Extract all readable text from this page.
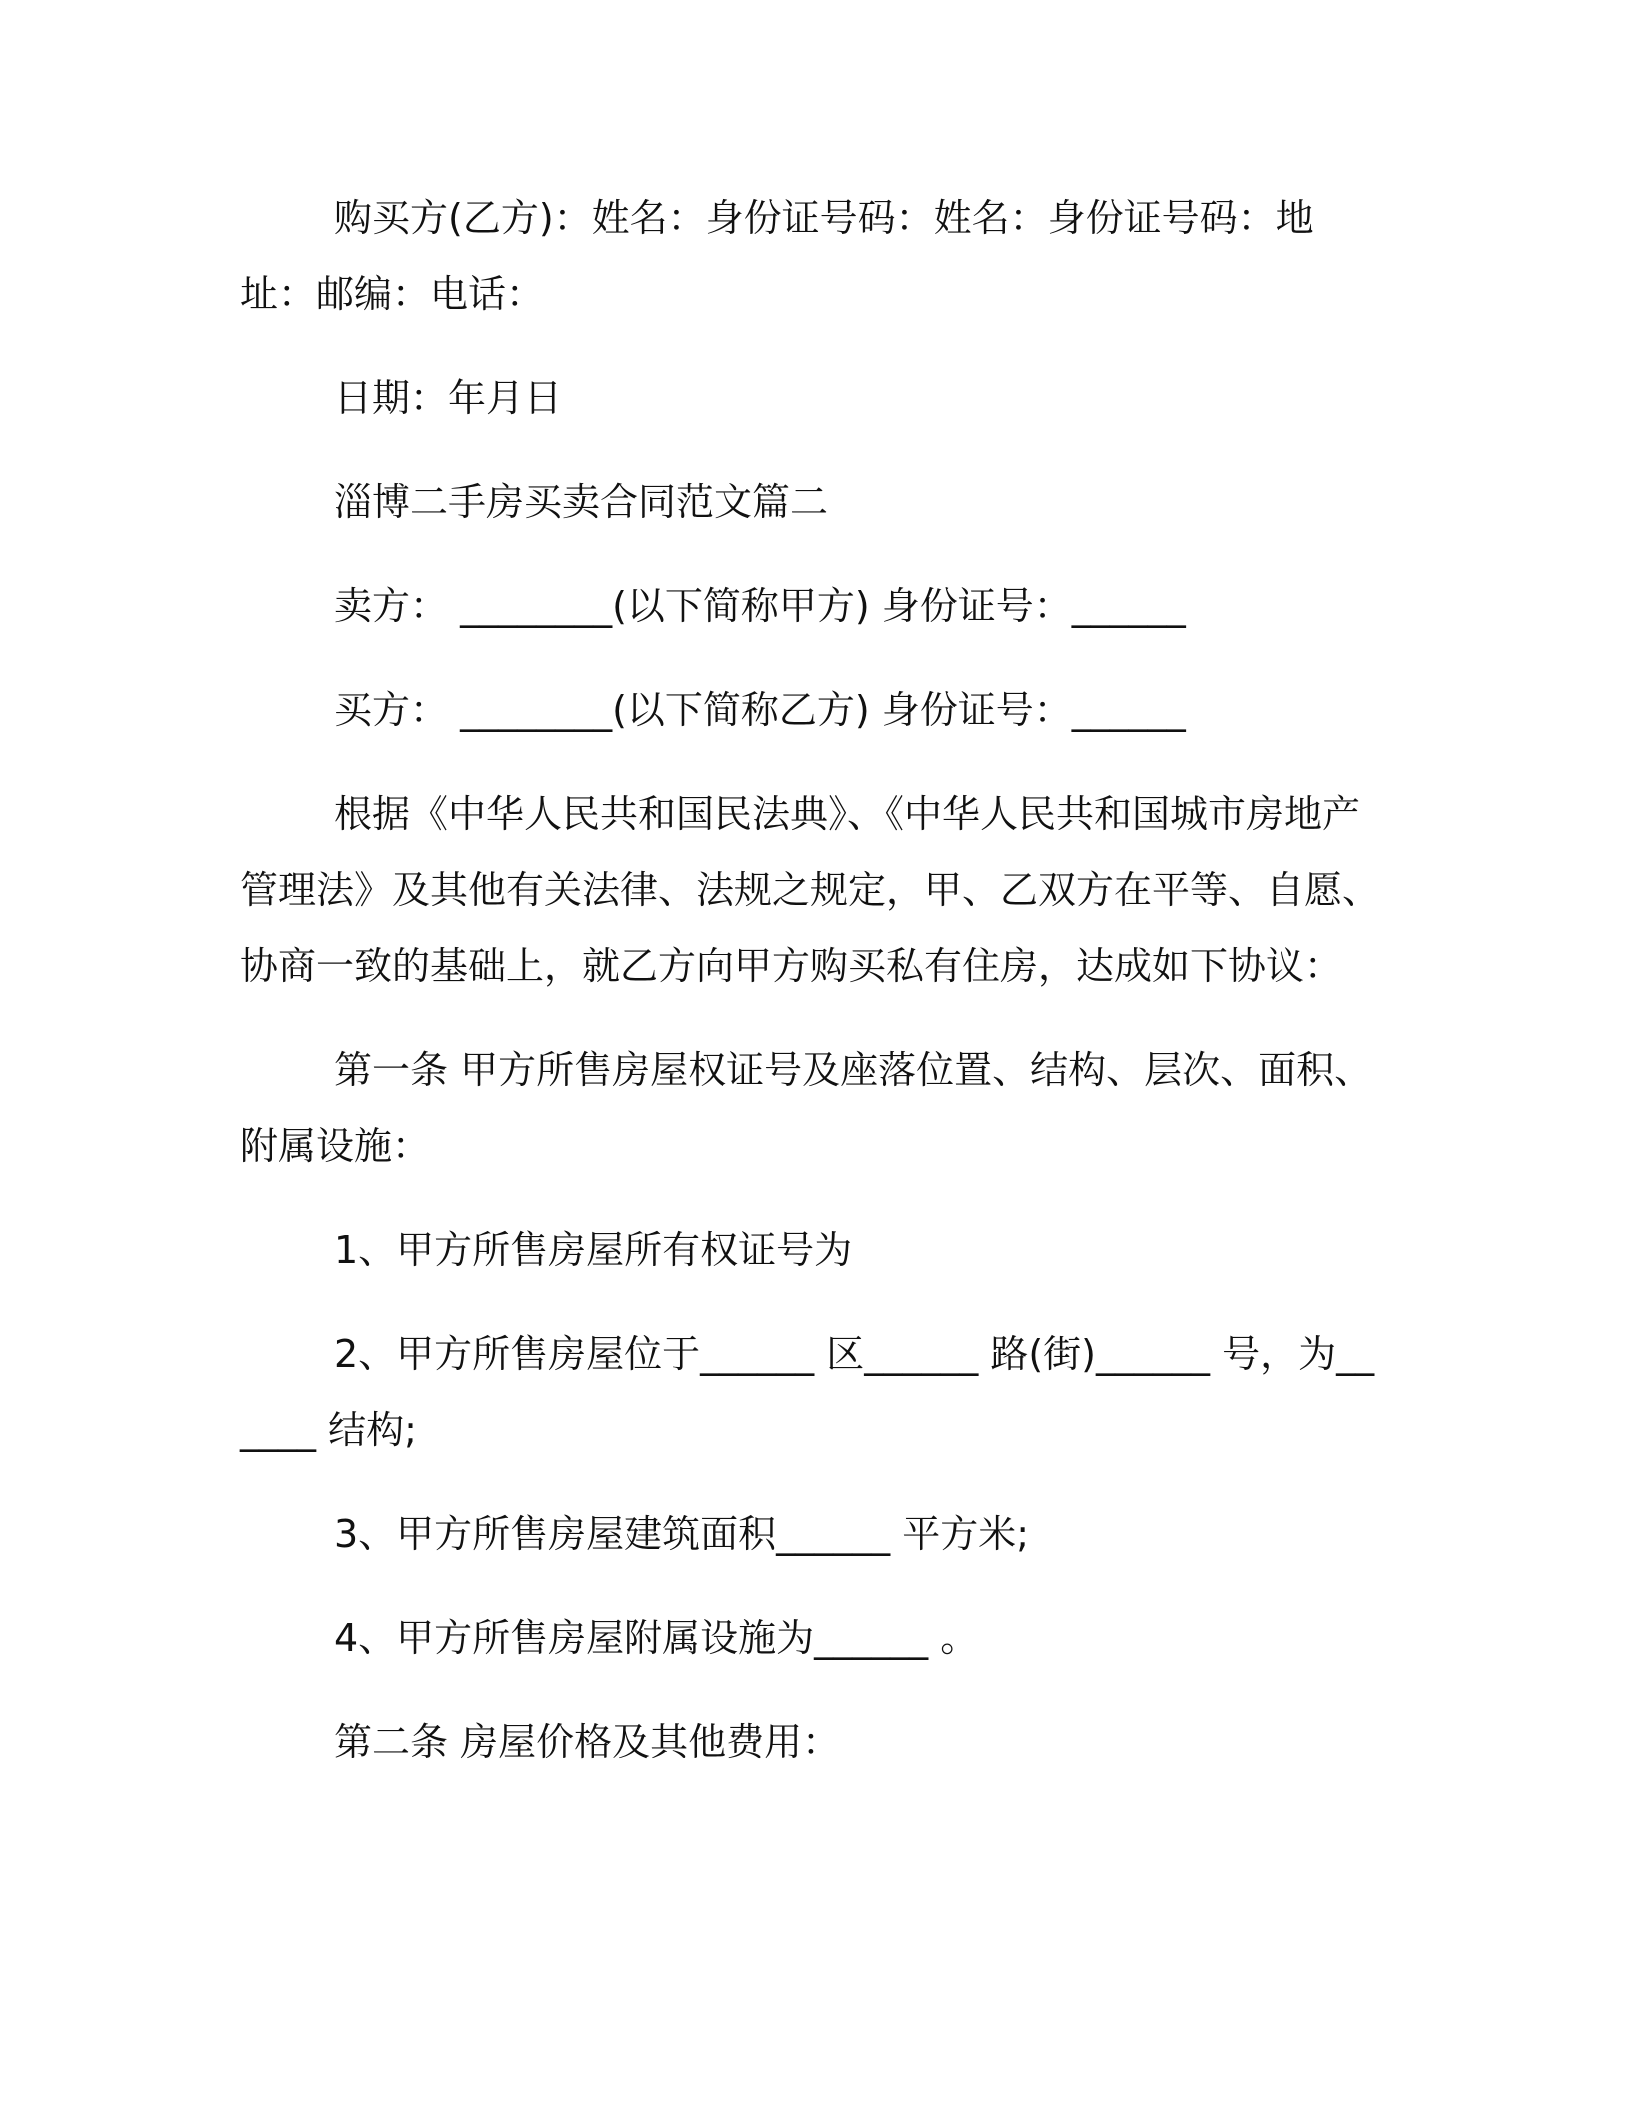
购买方(乙方)：姓名：身份证号码：姓名：身份证号码：地址：邮编：电话：

日期：年月日

淄博二手房买卖合同范文篇二

卖方： ________(以下简称甲方) 身份证号：______

买方： ________(以下简称乙方) 身份证号：______

根据《中华人民共和国民法典》、《中华人民共和国城市房地产管理法》及其他有关法律、法规之规定，甲、乙双方在平等、自愿、协商一致的基础上，就乙方向甲方购买私有住房，达成如下协议：

第一条 甲方所售房屋权证号及座落位置、结构、层次、面积、附属设施：

1、甲方所售房屋所有权证号为

2、甲方所售房屋位于______ 区______ 路(街)______ 号，为______ 结构;

3、甲方所售房屋建筑面积______ 平方米;

4、甲方所售房屋附属设施为______ 。

第二条 房屋价格及其他费用：
